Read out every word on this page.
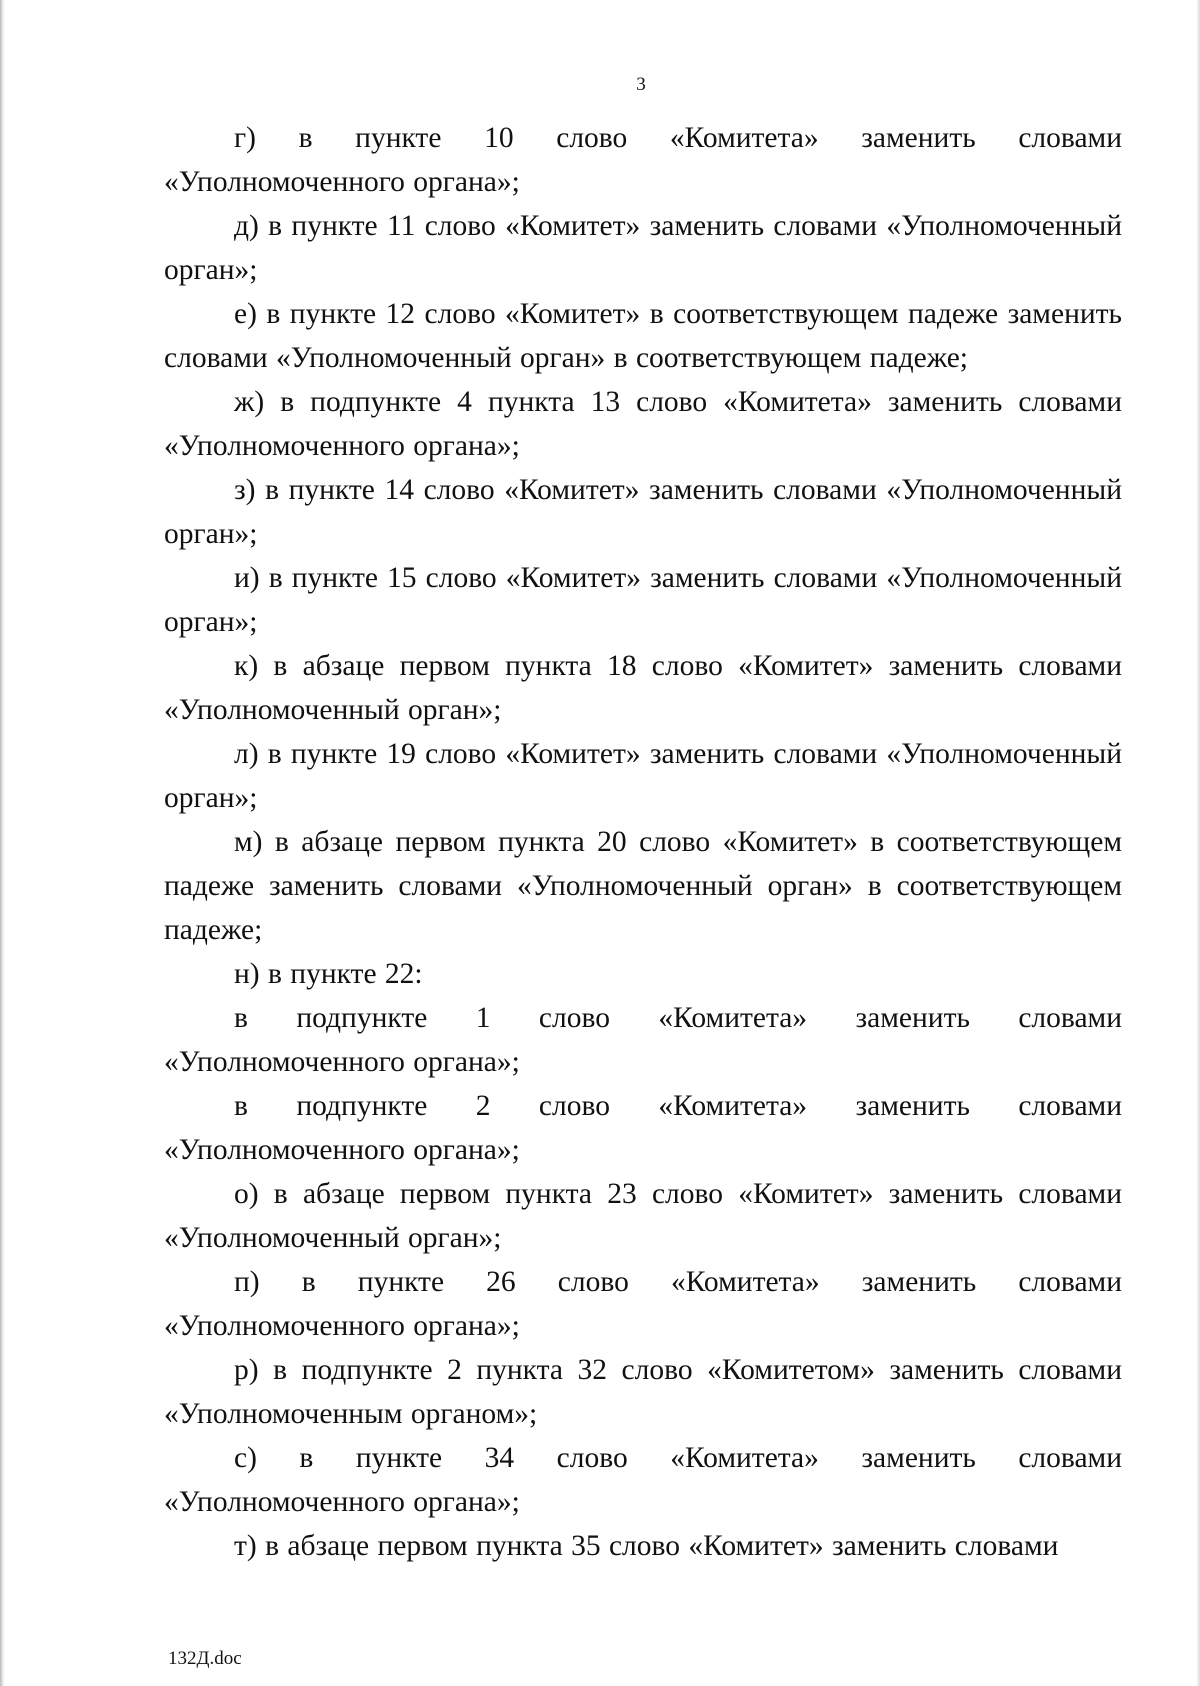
3

г) в пункте 10 слово «Комитета» заменить словами «Уполномоченного органа»;

д) в пункте 11 слово «Комитет» заменить словами «Уполномоченный орган»;

е) в пункте 12 слово «Комитет» в соответствующем падеже заменить словами «Уполномоченный орган» в соответствующем падеже;

ж) в подпункте 4 пункта 13 слово «Комитета» заменить словами «Уполномоченного органа»;

з) в пункте 14 слово «Комитет» заменить словами «Уполномоченный орган»;

и) в пункте 15 слово «Комитет» заменить словами «Уполномоченный орган»;

к) в абзаце первом пункта 18 слово «Комитет» заменить словами «Уполномоченный орган»;

л) в пункте 19 слово «Комитет» заменить словами «Уполномоченный орган»;

м) в абзаце первом пункта 20 слово «Комитет» в соответствующем падеже заменить словами «Уполномоченный орган» в соответствующем падеже;

н) в пункте 22:

в подпункте 1 слово «Комитета» заменить словами «Уполномоченного органа»;

в подпункте 2 слово «Комитета» заменить словами «Уполномоченного органа»;

о) в абзаце первом пункта 23 слово «Комитет» заменить словами «Уполномоченный орган»;

п) в пункте 26 слово «Комитета» заменить словами «Уполномоченного органа»;

р) в подпункте 2 пункта 32 слово «Комитетом» заменить словами «Уполномоченным органом»;

с) в пункте 34 слово «Комитета» заменить словами «Уполномоченного органа»;

т) в абзаце первом пункта 35 слово «Комитет» заменить словами

132Д.doc
